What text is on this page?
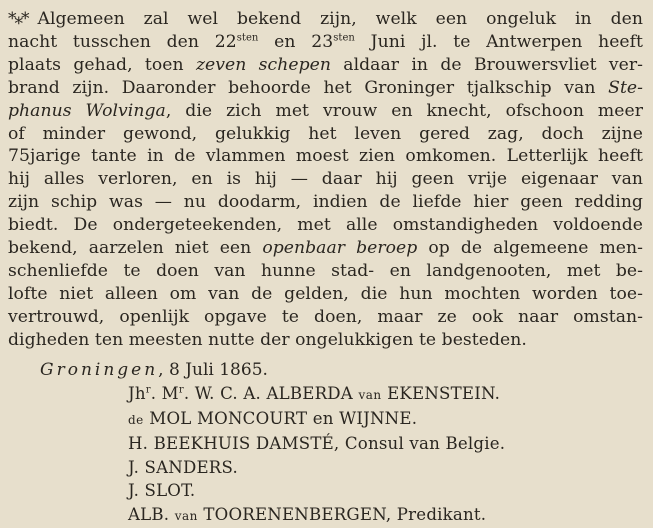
*** Algemeen zal wel bekend zijn, welk een ongeluk in den
nacht tusschen den $22^{sten}$ en $23^{sten}$ Juni jl. te Antwerpen heeft
plaats gehad, toen zeven schepen aldaar in de Brouwersvliet ver-
brand zijn. Daaronder behoorde het Groninger tjalkschip van Ste-
phanus Wolvinga, die zich met vrouw en knecht, ofschoon meer
of minder gewond, gelukkig het leven gered zag, doch zijne
75jarige tante in de vlammen moest zien omkomen. Letterlijk heeft
hij alles verloren, en is hij — daar hij geen vrije eigenaar van
zijn schip was — nu doodarm, indien de liefde hier geen redding
biedt. De ondergeteekenden, met alle omstandigheden voldoende
bekend, aarzelen niet een openbaar beroep op de algemeene men-
schenliefde te doen van hunne stad- en landgenooten, met be-
lofte niet alleen om van de gelden, die hun mochten worden toe-
vertrouwd, openlijk opgave te doen, maar ze ook naar omstan-
digheden ten meesten nutte der ongelukkigen te besteden.
Groningen, 8 Juli 1865.
Jh$^r$. $M^r$. W. C. A. ALBERDA van EKENSTEIN.
de MOL MONCOURT en WIJNNE.
H. BEEKHUIS DAMSTÉ, Consul van Belgie.
J. SANDERS.
J. SLOT.
ALB. van TOORENENBERGEN, Predikant.
